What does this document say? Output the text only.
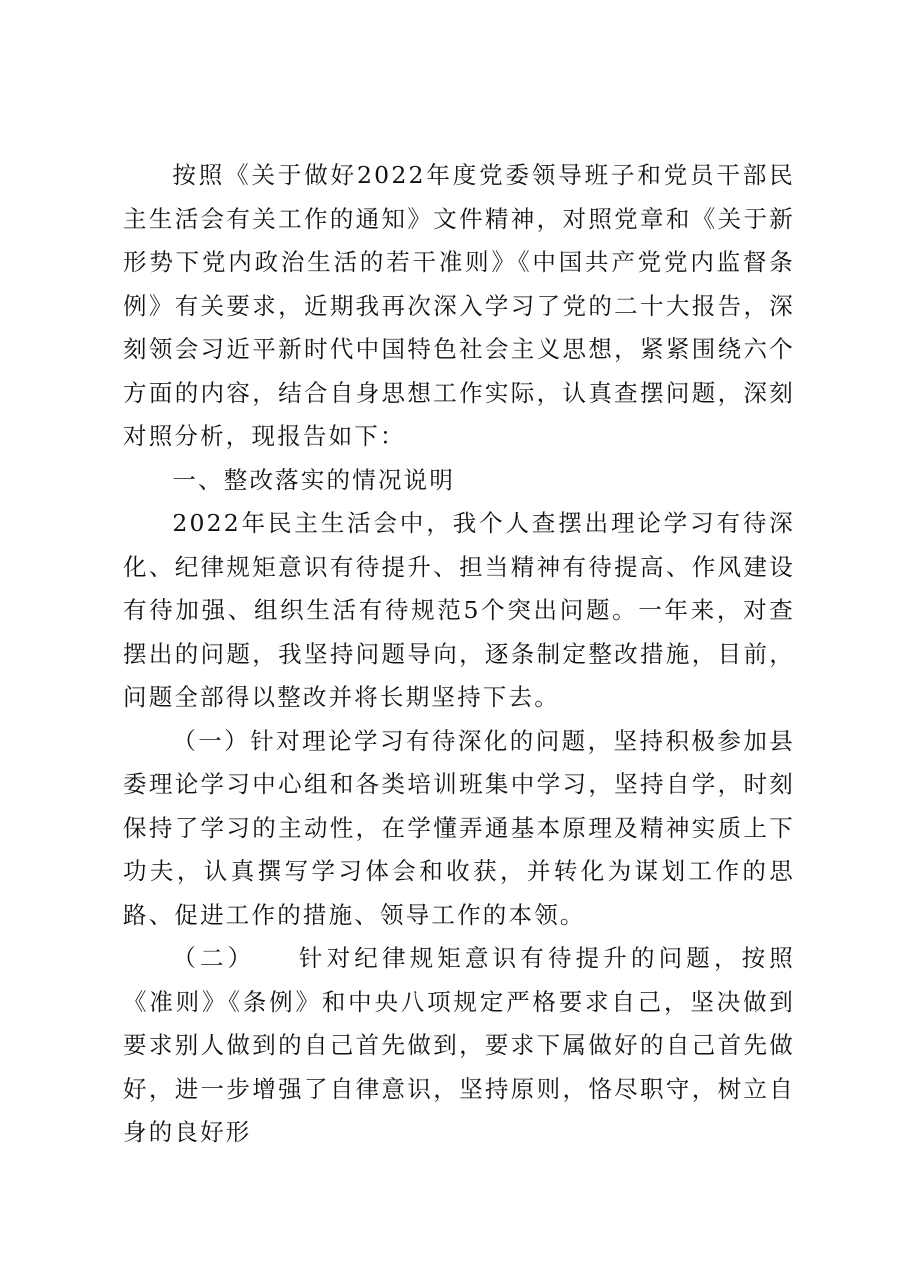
按照《关于做好2022年度党委领导班子和党员干部民主生活会有关工作的通知》文件精神，对照党章和《关于新形势下党内政治生活的若干准则》《中国共产党党内监督条例》有关要求，近期我再次深入学习了党的二十大报告，深刻领会习近平新时代中国特色社会主义思想，紧紧围绕六个方面的内容，结合自身思想工作实际，认真查摆问题，深刻对照分析，现报告如下：

一、整改落实的情况说明

2022年民主生活会中，我个人查摆出理论学习有待深化、纪律规矩意识有待提升、担当精神有待提高、作风建设有待加强、组织生活有待规范5个突出问题。一年来，对查摆出的问题，我坚持问题导向，逐条制定整改措施，目前，问题全部得以整改并将长期坚持下去。

（一）针对理论学习有待深化的问题，坚持积极参加县委理论学习中心组和各类培训班集中学习，坚持自学，时刻保持了学习的主动性，在学懂弄通基本原理及精神实质上下功夫，认真撰写学习体会和收获，并转化为谋划工作的思路、促进工作的措施、领导工作的本领。

（二）　　针对纪律规矩意识有待提升的问题，按照《准则》《条例》和中央八项规定严格要求自己，坚决做到要求别人做到的自己首先做到，要求下属做好的自己首先做好，进一步增强了自律意识，坚持原则，恪尽职守，树立自身的良好形
